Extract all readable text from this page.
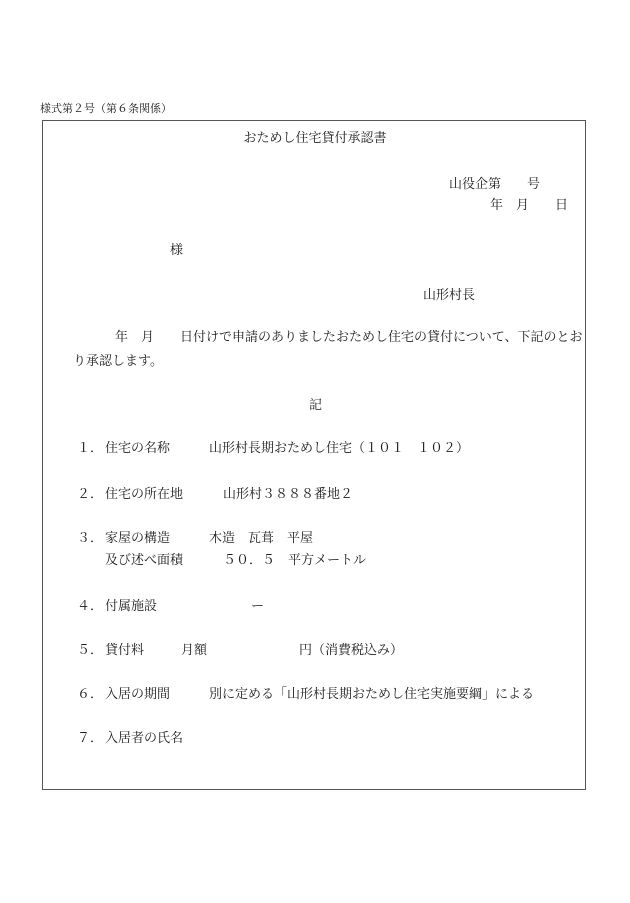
様式第２号（第６条関係）
おためし住宅貸付承認書
山役企第　　号
年　月　　日
様
山形村長
年　月　　日付けで申請のありましたおためし住宅の貸付について、下記のとおり承認します。
記
１． 住宅の名称	山形村長期おためし住宅（１０１　１０２）
２． 住宅の所在地	山形村３８８８番地２
３． 家屋の構造	木造　瓦葺　平屋
及び述べ面積	５０．５　平方メートル
４． 付属施設	ー
５． 貸付料	月額	円（消費税込み）
６． 入居の期間	別に定める「山形村長期おためし住宅実施要綱」による
７． 入居者の氏名
